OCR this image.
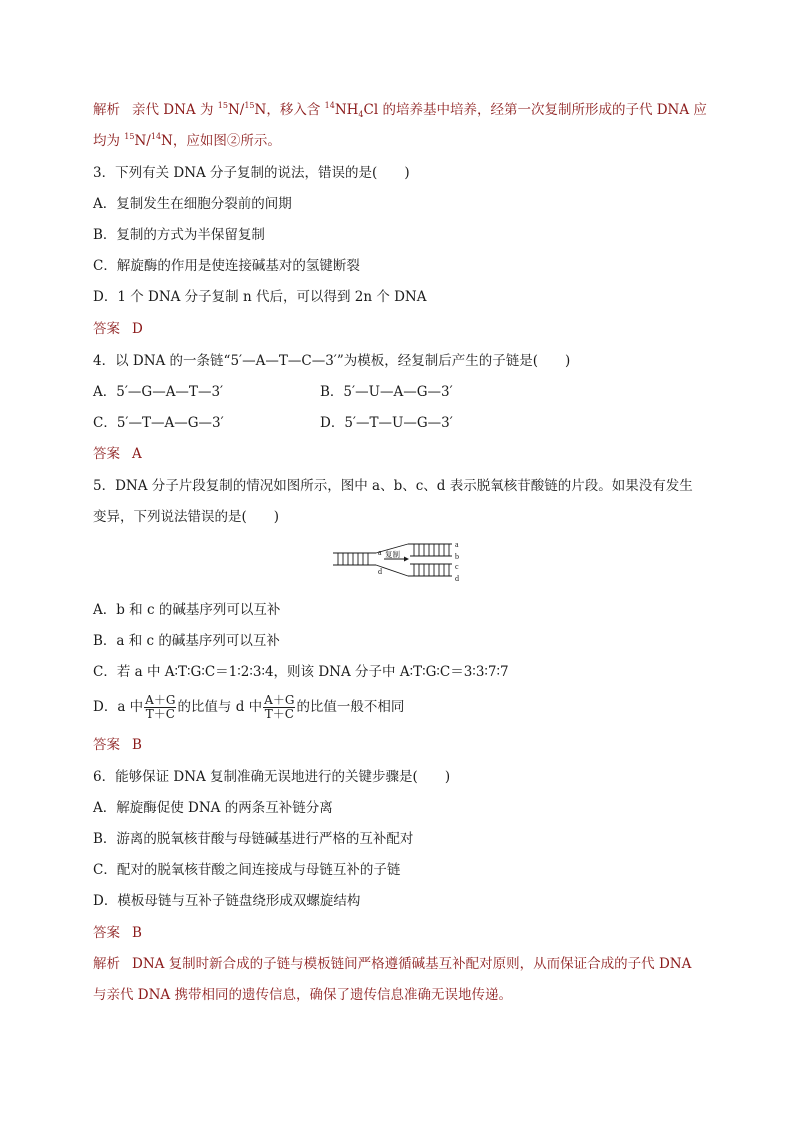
解析 亲代 DNA 为 $^{15}$N/$^{15}$N，移入含 $^{14}NH_4Cl$ 的培养基中培养，经第一次复制所形成的子代 DNA 应
均为 $^{15}$N/$^{14}$N，应如图②所示。
3．下列有关 DNA 分子复制的说法，错误的是(　　)
A．复制发生在细胞分裂前的间期
B．复制的方式为半保留复制
C．解旋酶的作用是使连接碱基对的氢键断裂
D．1 个 DNA 分子复制 n 代后，可以得到 2n 个 DNA
答案 D
4．以 DNA 的一条链“5′—A—T—C—3′”为模板，经复制后产生的子链是(　　)
A．5′—G—A—T—3′	B．5′—U—A—G—3′
C．5′—T—A—G—3′	D．5′—T—U—G—3′
答案 A
5．DNA 分子片段复制的情况如图所示，图中 a、b、c、d 表示脱氧核苷酸链的片段。如果没有发生
变异，下列说法错误的是(　　)
a
d
复制
a
b
c
d
A．b 和 c 的碱基序列可以互补
B．a 和 c 的碱基序列可以互补
C．若 a 中 A∶T∶G∶C＝1∶2∶3∶4，则该 DNA 分子中 A∶T∶G∶C＝3∶3∶7∶7
D．a 中 $\frac{A+G}{T+C}$ 的比值与 d 中 $\frac{A+G}{T+C}$ 的比值一般不相同
答案 B
6．能够保证 DNA 复制准确无误地进行的关键步骤是(　　)
A．解旋酶促使 DNA 的两条互补链分离
B．游离的脱氧核苷酸与母链碱基进行严格的互补配对
C．配对的脱氧核苷酸之间连接成与母链互补的子链
D．模板母链与互补子链盘绕形成双螺旋结构
答案 B
解析 DNA 复制时新合成的子链与模板链间严格遵循碱基互补配对原则，从而保证合成的子代 DNA
与亲代 DNA 携带相同的遗传信息，确保了遗传信息准确无误地传递。
